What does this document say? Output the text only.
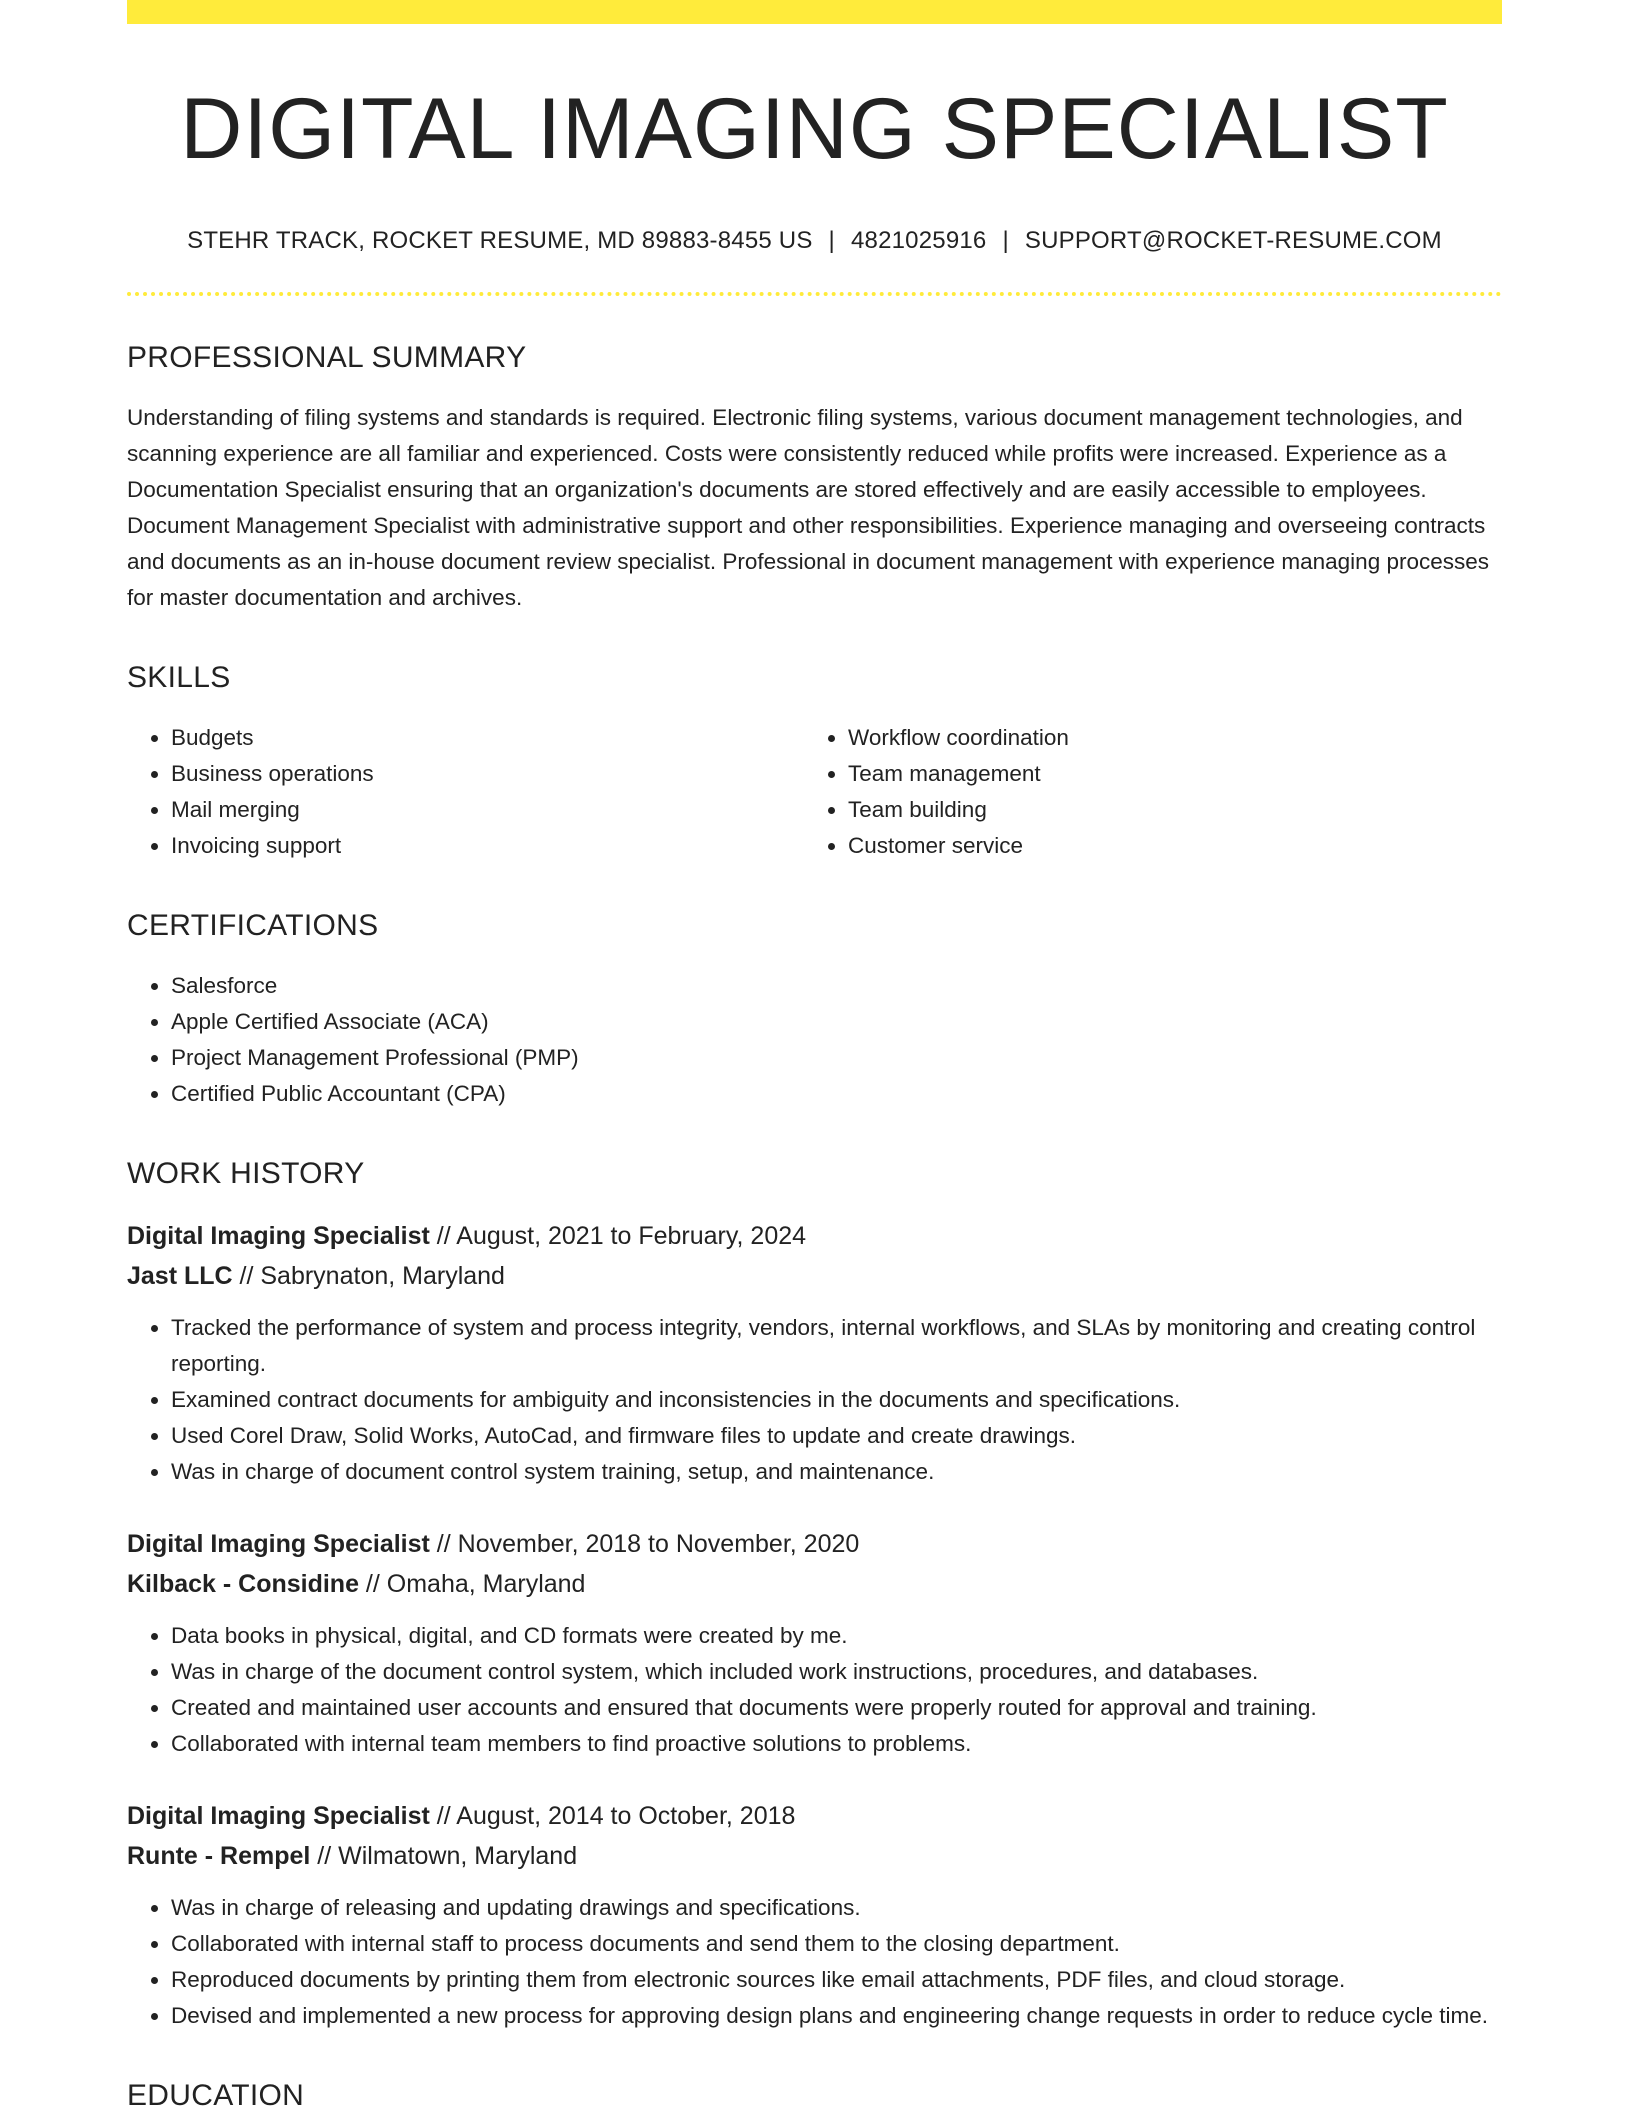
DIGITAL IMAGING SPECIALIST
STEHR TRACK, ROCKET RESUME, MD 89883-8455 US | 4821025916 | SUPPORT@ROCKET-RESUME.COM
PROFESSIONAL SUMMARY

Understanding of filing systems and standards is required. Electronic filing systems, various document management technologies, and scanning experience are all familiar and experienced. Costs were consistently reduced while profits were increased. Experience as a Documentation Specialist ensuring that an organization's documents are stored effectively and are easily accessible to employees. Document Management Specialist with administrative support and other responsibilities. Experience managing and overseeing contracts and documents as an in-house document review specialist. Professional in document management with experience managing processes for master documentation and archives.

SKILLS
• Budgets
• Business operations
• Mail merging
• Invoicing support
• Workflow coordination
• Team management
• Team building
• Customer service
CERTIFICATIONS
• Salesforce
• Apple Certified Associate (ACA)
• Project Management Professional (PMP)
• Certified Public Accountant (CPA)
WORK HISTORY
Digital Imaging Specialist // August, 2021 to February, 2024
Jast LLC // Sabrynaton, Maryland
• Tracked the performance of system and process integrity, vendors, internal workflows, and SLAs by monitoring and creating control reporting.
• Examined contract documents for ambiguity and inconsistencies in the documents and specifications.
• Used Corel Draw, Solid Works, AutoCad, and firmware files to update and create drawings.
• Was in charge of document control system training, setup, and maintenance.
Digital Imaging Specialist // November, 2018 to November, 2020
Kilback - Considine // Omaha, Maryland
• Data books in physical, digital, and CD formats were created by me.
• Was in charge of the document control system, which included work instructions, procedures, and databases.
• Created and maintained user accounts and ensured that documents were properly routed for approval and training.
• Collaborated with internal team members to find proactive solutions to problems.
Digital Imaging Specialist // August, 2014 to October, 2018
Runte - Rempel // Wilmatown, Maryland
• Was in charge of releasing and updating drawings and specifications.
• Collaborated with internal staff to process documents and send them to the closing department.
• Reproduced documents by printing them from electronic sources like email attachments, PDF files, and cloud storage.
• Devised and implemented a new process for approving design plans and engineering change requests in order to reduce cycle time.
EDUCATION
